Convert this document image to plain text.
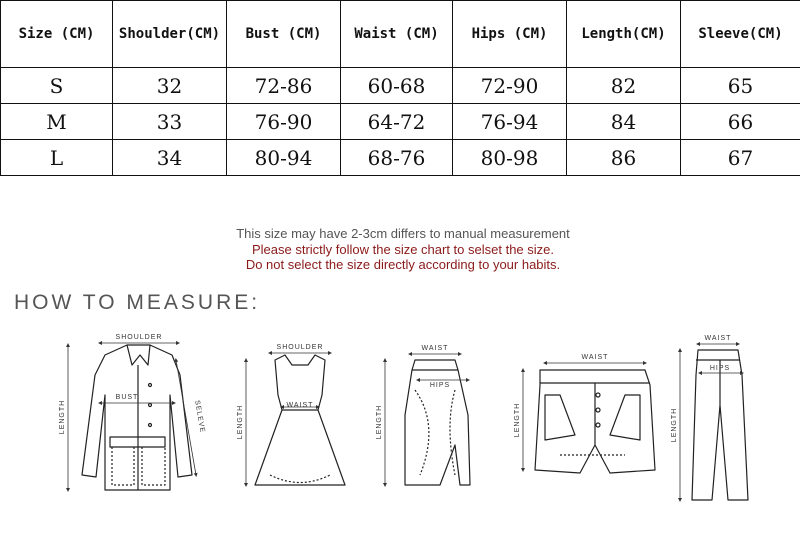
Size (CM)	Shoulder(CM)	Bust (CM)	Waist (CM)	Hips (CM)	Length(CM)	Sleeve(CM)
S	32	72-86	60-68	72-90	82	65
M	33	76-90	64-72	76-94	84	66
L	34	80-94	68-76	80-98	86	67
This size may have 2-3cm differs to manual measurement
Please strictly follow the size chart to selset the size.
Do not select the size directly according to your habits.
HOW TO MEASURE:
SHOULDER
BUST
LENGTH	SELEVE
SHOULDER
WAIST
LENGTH
WAIST
HIPS
LENGTH
WAIST
LENGTH
WAIST
HIPS
LENGTH
